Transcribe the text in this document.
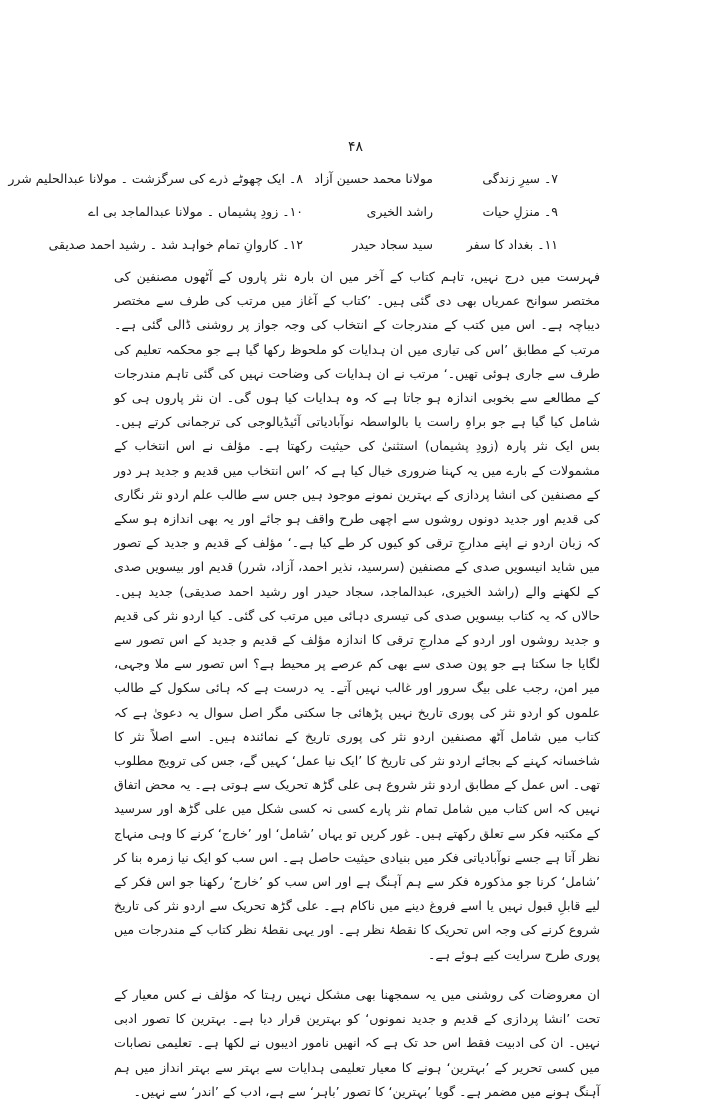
۴۸
۷۔ سیرِ زندگی
مولانا محمد حسین آزاد
۸۔ ایک چھوٹے ذرے کی سرگزشت ۔ مولانا عبدالحلیم شرر
۹۔ منزلِ حیات
راشد الخیری
۱۰۔ زودِ پشیماں ۔ مولانا عبدالماجد بی اے
۱۱۔ بغداد کا سفر
سید سجاد حیدر
۱۲۔ کاروانِ تمام خواہد شد ۔ رشید احمد صدیقی

فہرست میں درج نہیں، تاہم کتاب کے آخر میں ان بارہ نثر پاروں کے آٹھوں مصنفین کی مختصر سوانح عمریاں بھی دی گئی ہیں۔ ’کتاب کے آغاز میں مرتب کی طرف سے مختصر دیباچہ ہے۔ اس میں کتب کے مندرجات کے انتخاب کی وجہ جواز پر روشنی ڈالی گئی ہے۔ مرتب کے مطابق ’اس کی تیاری میں ان ہدایات کو ملحوظ رکھا گیا ہے جو محکمہ تعلیم کی طرف سے جاری ہوئی تھیں۔‘ مرتب نے ان ہدایات کی وضاحت نہیں کی گئی تاہم مندرجات کے مطالعے سے بخوبی اندازہ ہو جاتا ہے کہ وہ ہدایات کیا ہوں گی۔ ان نثر پاروں ہی کو شامل کیا گیا ہے جو براہِ راست یا بالواسطہ نوآبادیاتی آئیڈیالوجی کی ترجمانی کرتے ہیں۔ بس ایک نثر پارہ (زودِ پشیماں) استثنیٰ کی حیثیت رکھتا ہے۔ مؤلف نے اس انتخاب کے مشمولات کے بارے میں یہ کہنا ضروری خیال کیا ہے کہ ’اس انتخاب میں قدیم و جدید ہر دور کے مصنفین کی انشا پردازی کے بہترین نمونے موجود ہیں جس سے طالب علم اردو نثر نگاری کی قدیم اور جدید دونوں روشوں سے اچھی طرح واقف ہو جائے اور یہ بھی اندازہ ہو سکے کہ زبان اردو نے اپنے مدارجِ ترقی کو کیوں کر طے کیا ہے۔‘ مؤلف کے قدیم و جدید کے تصور میں شاید انیسویں صدی کے مصنفین (سرسید، نذیر احمد، آزاد، شرر) قدیم اور بیسویں صدی کے لکھنے والے (راشد الخیری، عبدالماجد، سجاد حیدر اور رشید احمد صدیقی) جدید ہیں۔ حالاں کہ یہ کتاب بیسویں صدی کی تیسری دہائی میں مرتب کی گئی۔ کیا اردو نثر کی قدیم و جدید روشوں اور اردو کے مدارجِ ترقی کا اندازہ مؤلف کے قدیم و جدید کے اس تصور سے لگایا جا سکتا ہے جو پون صدی سے بھی کم عرصے پر محیط ہے؟ اس تصور سے ملا وجہی، میر امن، رجب علی بیگ سرور اور غالب نہیں آتے۔ یہ درست ہے کہ ہائی سکول کے طالب علموں کو اردو نثر کی پوری تاریخ نہیں پڑھائی جا سکتی مگر اصل سوال یہ دعویٰ ہے کہ کتاب میں شامل آٹھ مصنفین اردو نثر کی پوری تاریخ کے نمائندہ ہیں۔ اسے اصلاً نثر کا شاخسانہ کہنے کے بجائے اردو نثر کی تاریخ کا ’ایک نیا عمل‘ کہیں گے، جس کی ترویج مطلوب تھی۔ اس عمل کے مطابق اردو نثر شروع ہی علی گڑھ تحریک سے ہوتی ہے۔ یہ محض اتفاق نہیں کہ اس کتاب میں شامل تمام نثر پارے کسی نہ کسی شکل میں علی گڑھ اور سرسید کے مکتبہ فکر سے تعلق رکھتے ہیں۔ غور کریں تو یہاں ’شامل‘ اور ’خارج‘ کرنے کا وہی منہاج نظر آتا ہے جسے نوآبادیاتی فکر میں بنیادی حیثیت حاصل ہے۔ اس سب کو ایک نیا زمرہ بنا کر ’شامل‘ کرنا جو مذکورہ فکر سے ہم آہنگ ہے اور اس سب کو ’خارج‘ رکھنا جو اس فکر کے لیے قابلِ قبول نہیں یا اسے فروغ دینے میں ناکام ہے۔ علی گڑھ تحریک سے اردو نثر کی تاریخ شروع کرنے کی وجہ اس تحریک کا نقطۂ نظر ہے۔ اور یہی نقطۂ نظر کتاب کے مندرجات میں پوری طرح سرایت کیے ہوئے ہے۔

ان معروضات کی روشنی میں یہ سمجھنا بھی مشکل نہیں رہتا کہ مؤلف نے کس معیار کے تحت ’انشا پردازی کے قدیم و جدید نمونوں‘ کو بہترین قرار دیا ہے۔ بہترین کا تصور ادبی نہیں۔ ان کی ادبیت فقط اس حد تک ہے کہ انھیں نامور ادیبوں نے لکھا ہے۔ تعلیمی نصابات میں کسی تحریر کے ’بہترین‘ ہونے کا معیار تعلیمی ہدایات سے بہتر سے بہتر انداز میں ہم آہنگ ہونے میں مضمر ہے۔ گویا ’بہترین‘ کا تصور ’باہر‘ سے ہے، ادب کے ’اندر‘ سے نہیں۔
